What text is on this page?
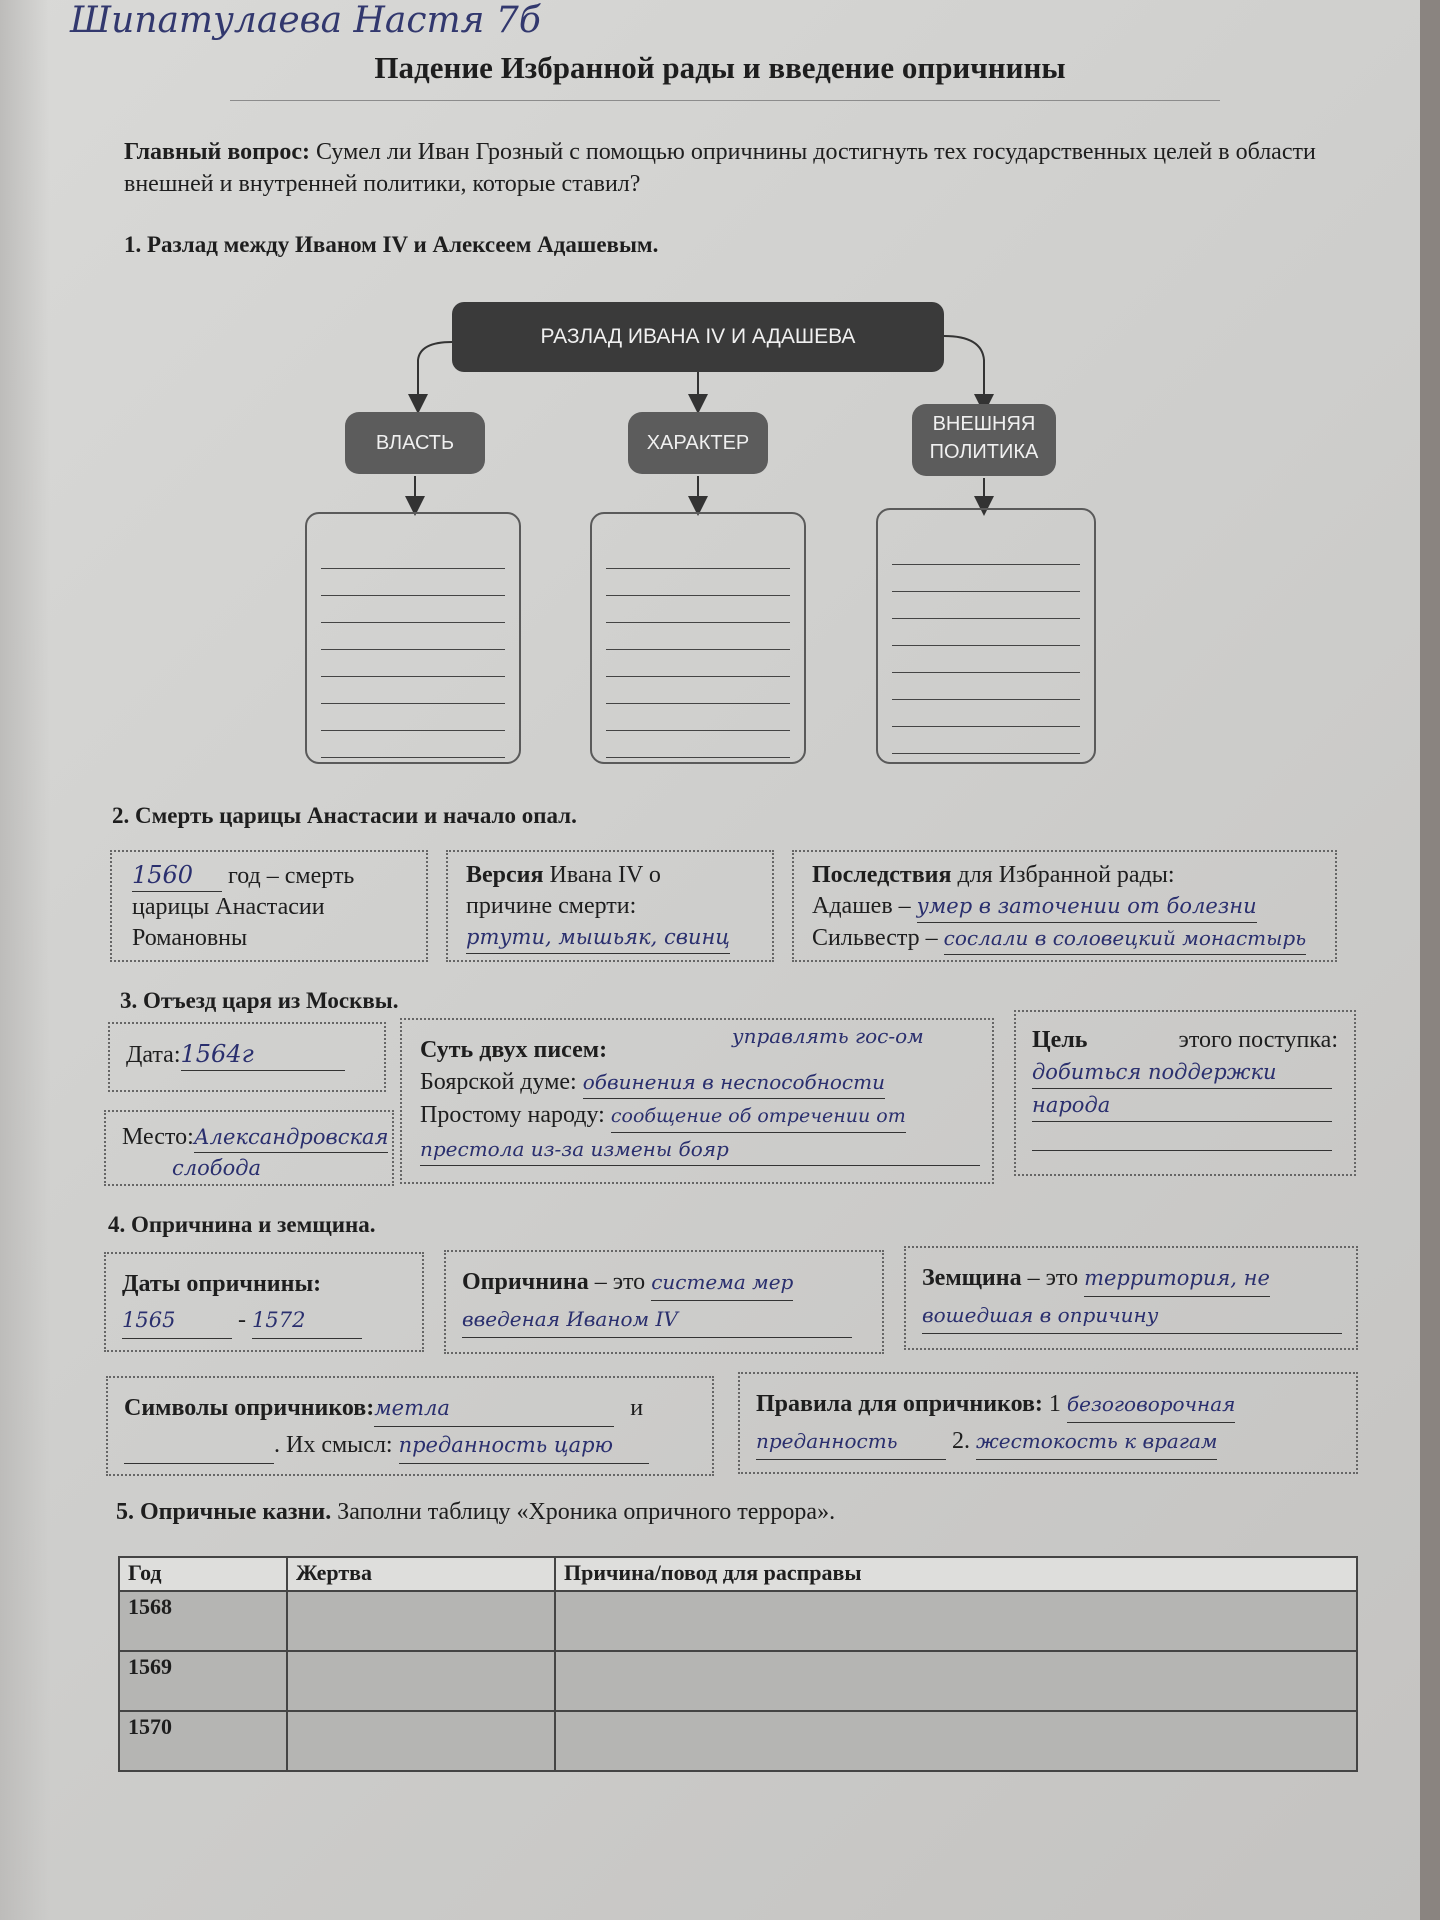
Шипатулаева Настя 7б
Падение Избранной рады и введение опричнины
Главный вопрос: Сумел ли Иван Грозный с помощью опричнины достигнуть тех государственных целей в области внешней и внутренней политики, которые ставил?
1. Разлад между Иваном IV и Алексеем Адашевым.
РАЗЛАД ИВАНА IV И АДАШЕВА
ВЛАСТЬ	ХАРАКТЕР
ВНЕШНЯЯ
ПОЛИТИКА
2. Смерть царицы Анастасии и начало опал.
1560 год – смерть
царицы Анастасии
Романовны
Версия Ивана IV о
причине смерти:
ртути, мышьяк, свинц
Последствия для Избранной рады:
Адашев – умер в заточении от болезни
Сильвестр – сослали в соловецкий монастырь
3. Отъезд царя из Москвы.
Дата:1564г
Место:Александровская
слобода
Суть двух писем:
управлять гос-ом
Боярской думе: обвинения в неспособности
Простому народу: сообщение об отречении от
престола из-за измены бояр
Цель	этого поступка:
добиться поддержки народа
4. Опричнина и земщина.
Даты опричнины:
1565	- 1572
Опричнина – это система мер
введеная Иваном IV
Земщина – это территория, не
вошедшая в опричину
Символы опричников:метла	и
. Их смысл: преданность царю
Правила для опричников: 1 безоговорочная
преданность 2. жестокость к врагам
5. Опричные казни. Заполни таблицу «Хроника опричного террора».
Год	Жертва	Причина/повод для расправы
1568		
1569		
1570		
